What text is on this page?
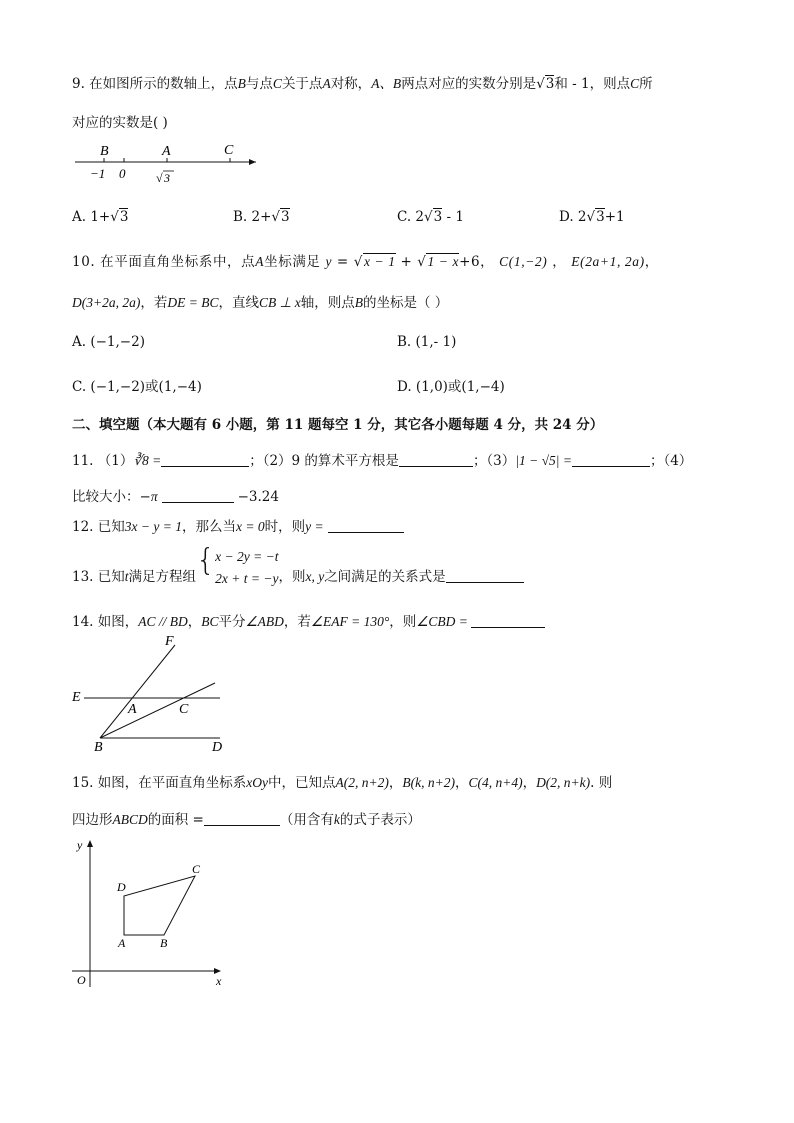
9. 在如图所示的数轴上，点B与点C关于点A对称，A、B两点对应的实数分别是√3和 - 1，则点C所
对应的实数是( )
B	A	C
−1 0	√ 3
A. 1+√3	B. 2+√3	C. 2√3 - 1	D. 2√3+1
10. 在平面直角坐标系中，点A坐标满足 y = √x − 1 + √1 − x+6， C(1,−2) ， E(2a+1, 2a)，
D(3+2a, 2a)，若DE = BC，直线CB ⊥ x轴，则点B的坐标是（ ）
A. (−1,−2)	B. (1,- 1)
C. (−1,−2)或(1,−4)	D. (1,0)或(1,−4)
二、填空题（本大题有 6 小题，第 11 题每空 1 分，其它各小题每题 4 分，共 24 分）
11. （1）∛8 =	；（2）9 的算术平方根是	；（3）|1 − √5| =	；（4）
比较大小：−π	−3.24
12. 已知3x − y = 1，那么当x = 0时，则y =
13. 已知t满足方程组{x − 2y = −t
2x + t = −y，则x, y之间满足的关系式是
14. 如图，AC // BD，BC平分∠ABD，若∠EAF = 130°，则∠CBD =
F
E
A	C
B	D
15. 如图，在平面直角坐标系xOy中，已知点A(2, n+2)，B(k, n+2)，C(4, n+4)，D(2, n+k). 则
四边形ABCD的面积 =	（用含有k的式子表示）
y
x
O
A	B
C
D
